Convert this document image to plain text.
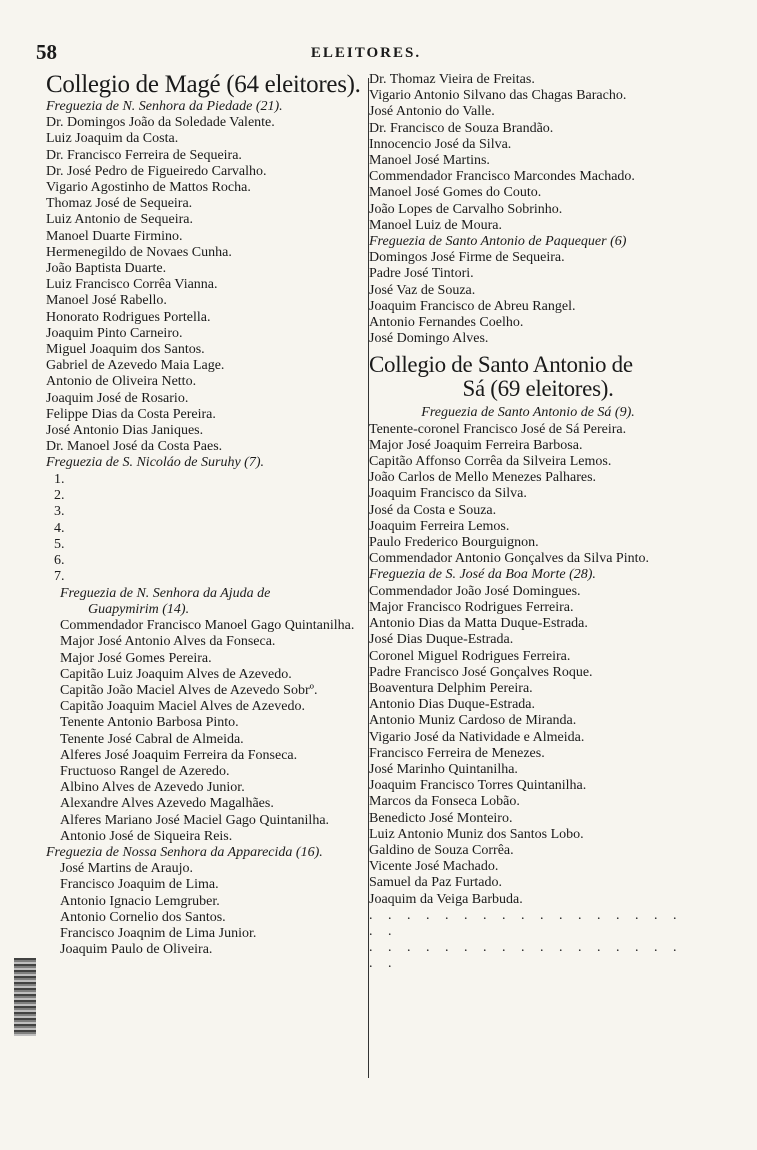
58	ELEITORES.

Collegio de Magé (64 eleitores).

Freguezia de N. Senhora da Piedade (21).

Dr. Domingos João da Soledade Valente.

Luiz Joaquim da Costa.

Dr. Francisco Ferreira de Sequeira.

Dr. José Pedro de Figueiredo Carvalho.

Vigario Agostinho de Mattos Rocha.

Thomaz José de Sequeira.

Luiz Antonio de Sequeira.

Manoel Duarte Firmino.

Hermenegildo de Novaes Cunha.

João Baptista Duarte.

Luiz Francisco Corrêa Vianna.

Manoel José Rabello.

Honorato Rodrigues Portella.

Joaquim Pinto Carneiro.

Miguel Joaquim dos Santos.

Gabriel de Azevedo Maia Lage.

Antonio de Oliveira Netto.

Joaquim José de Rosario.

Felippe Dias da Costa Pereira.

José Antonio Dias Janiques.

Dr. Manoel José da Costa Paes.

Freguezia de S. Nicoláo de Suruhy (7).

1.

2.

3.

4.

5.

6.

7.

Freguezia de N. Senhora da Ajuda de
Guapymirim (14).

Commendador Francisco Manoel Gago Quintanilha.

Major José Antonio Alves da Fonseca.

Major José Gomes Pereira.

Capitão Luiz Joaquim Alves de Azevedo.

Capitão João Maciel Alves de Azevedo Sobrº.

Capitão Joaquim Maciel Alves de Azevedo.

Tenente Antonio Barbosa Pinto.

Tenente José Cabral de Almeida.

Alferes José Joaquim Ferreira da Fonseca.

Fructuoso Rangel de Azeredo.

Albino Alves de Azevedo Junior.

Alexandre Alves Azevedo Magalhães.

Alferes Mariano José Maciel Gago Quintanilha.

Antonio José de Siqueira Reis.

Freguezia de Nossa Senhora da Apparecida (16).

José Martins de Araujo.

Francisco Joaquim de Lima.

Antonio Ignacio Lemgruber.

Antonio Cornelio dos Santos.

Francisco Joaqnim de Lima Junior.

Joaquim Paulo de Oliveira.

Dr. Thomaz Vieira de Freitas.

Vigario Antonio Silvano das Chagas Baracho.

José Antonio do Valle.

Dr. Francisco de Souza Brandão.

Innocencio José da Silva.

Manoel José Martins.

Commendador Francisco Marcondes Machado.

Manoel José Gomes do Couto.

João Lopes de Carvalho Sobrinho.

Manoel Luiz de Moura.

Freguezia de Santo Antonio de Paquequer (6)

Domingos José Firme de Sequeira.

Padre José Tintori.

José Vaz de Souza.

Joaquim Francisco de Abreu Rangel.

Antonio Fernandes Coelho.

José Domingo Alves.

Collegio de Santo Antonio de
Sá (69 eleitores).

Freguezia de Santo Antonio de Sá (9).

Tenente-coronel Francisco José de Sá Pereira.

Major José Joaquim Ferreira Barbosa.

Capitão Affonso Corrêa da Silveira Lemos.

João Carlos de Mello Menezes Palhares.

Joaquim Francisco da Silva.

José da Costa e Souza.

Joaquim Ferreira Lemos.

Paulo Frederico Bourguignon.

Commendador Antonio Gonçalves da Silva Pinto.

Freguezia de S. José da Boa Morte (28).

Commendador João José Domingues.

Major Francisco Rodrigues Ferreira.

Antonio Dias da Matta Duque-Estrada.

José Dias Duque-Estrada.

Coronel Miguel Rodrigues Ferreira.

Padre Francisco José Gonçalves Roque.

Boaventura Delphim Pereira.

Antonio Dias Duque-Estrada.

Antonio Muniz Cardoso de Miranda.

Vigario José da Natividade e Almeida.

Francisco Ferreira de Menezes.

José Marinho Quintanilha.

Joaquim Francisco Torres Quintanilha.

Marcos da Fonseca Lobão.

Benedicto José Monteiro.

Luiz Antonio Muniz dos Santos Lobo.

Galdino de Souza Corrêa.

Vicente José Machado.

Samuel da Paz Furtado.

Joaquim da Veiga Barbuda.

. . . . . . . . . . . . . . . . . . .

. . . . . . . . . . . . . . . . . . .
